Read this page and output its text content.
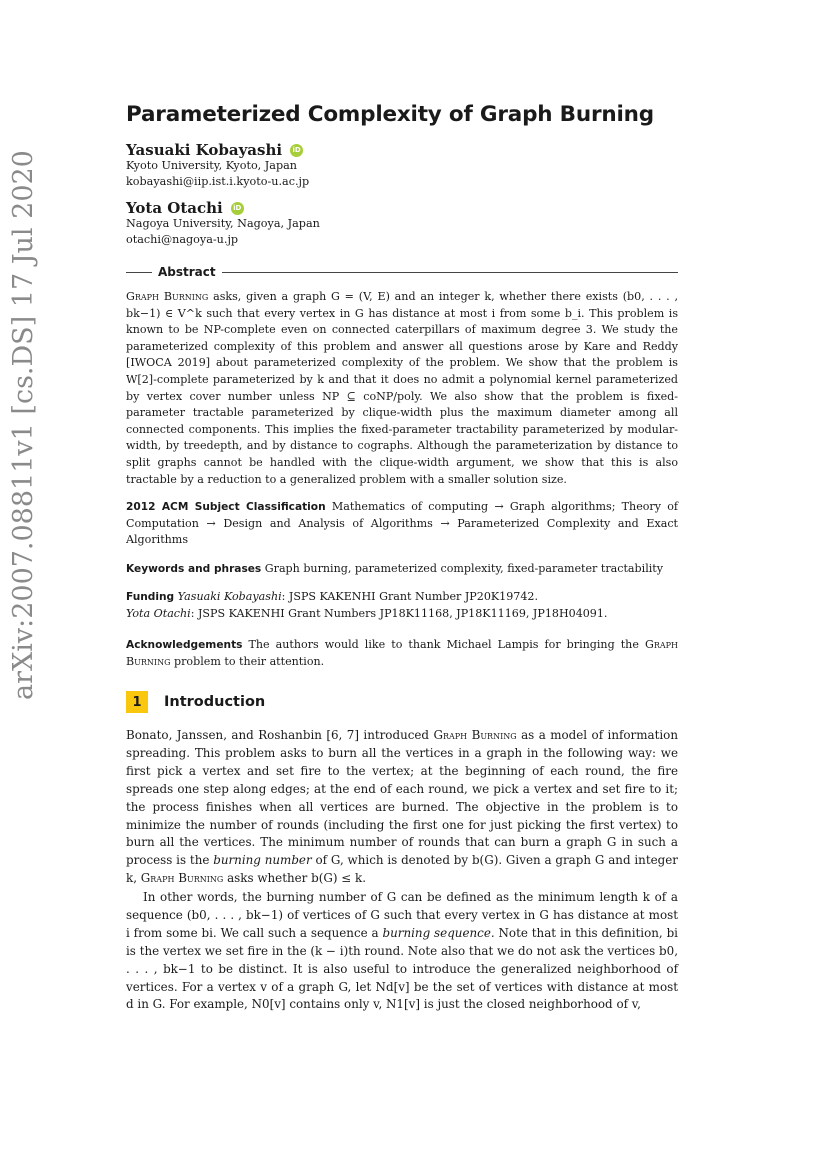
arXiv:2007.08811v1 [cs.DS] 17 Jul 2020
Parameterized Complexity of Graph Burning
Yasuaki Kobayashi	iD
Kyoto University, Kyoto, Japan
kobayashi@iip.ist.i.kyoto-u.ac.jp
Yota Otachi	iD
Nagoya University, Nagoya, Japan
otachi@nagoya-u.jp
Abstract

Graph Burning asks, given a graph G = (V, E) and an integer k, whether there exists (b0, . . . , bk−1) ∈ V^k such that every vertex in G has distance at most i from some b_i. This problem is known to be NP-complete even on connected caterpillars of maximum degree 3. We study the parameterized complexity of this problem and answer all questions arose by Kare and Reddy [IWOCA 2019] about parameterized complexity of the problem. We show that the problem is W[2]-complete parameterized by k and that it does no admit a polynomial kernel parameterized by vertex cover number unless NP ⊆ coNP/poly. We also show that the problem is fixed-parameter tractable parameterized by clique-width plus the maximum diameter among all connected components. This implies the fixed-parameter tractability parameterized by modular-width, by treedepth, and by distance to cographs. Although the parameterization by distance to split graphs cannot be handled with the clique-width argument, we show that this is also tractable by a reduction to a generalized problem with a smaller solution size.

2012 ACM Subject Classification Mathematics of computing → Graph algorithms; Theory of Computation → Design and Analysis of Algorithms → Parameterized Complexity and Exact Algorithms
Keywords and phrases Graph burning, parameterized complexity, fixed-parameter tractability
Funding Yasuaki Kobayashi: JSPS KAKENHI Grant Number JP20K19742.
Yota Otachi: JSPS KAKENHI Grant Numbers JP18K11168, JP18K11169, JP18H04091.
Acknowledgements The authors would like to thank Michael Lampis for bringing the Graph Burning problem to their attention.
1	Introduction

Bonato, Janssen, and Roshanbin [6, 7] introduced Graph Burning as a model of information spreading. This problem asks to burn all the vertices in a graph in the following way: we first pick a vertex and set fire to the vertex; at the beginning of each round, the fire spreads one step along edges; at the end of each round, we pick a vertex and set fire to it; the process finishes when all vertices are burned. The objective in the problem is to minimize the number of rounds (including the first one for just picking the first vertex) to burn all the vertices. The minimum number of rounds that can burn a graph G in such a process is the burning number of G, which is denoted by b(G). Given a graph G and integer k, Graph Burning asks whether b(G) ≤ k.

In other words, the burning number of G can be defined as the minimum length k of a sequence (b0, . . . , bk−1) of vertices of G such that every vertex in G has distance at most i from some bi. We call such a sequence a burning sequence. Note that in this definition, bi is the vertex we set fire in the (k − i)th round. Note also that we do not ask the vertices b0, . . . , bk−1 to be distinct. It is also useful to introduce the generalized neighborhood of vertices. For a vertex v of a graph G, let Nd[v] be the set of vertices with distance at most d in G. For example, N0[v] contains only v, N1[v] is just the closed neighborhood of v,
